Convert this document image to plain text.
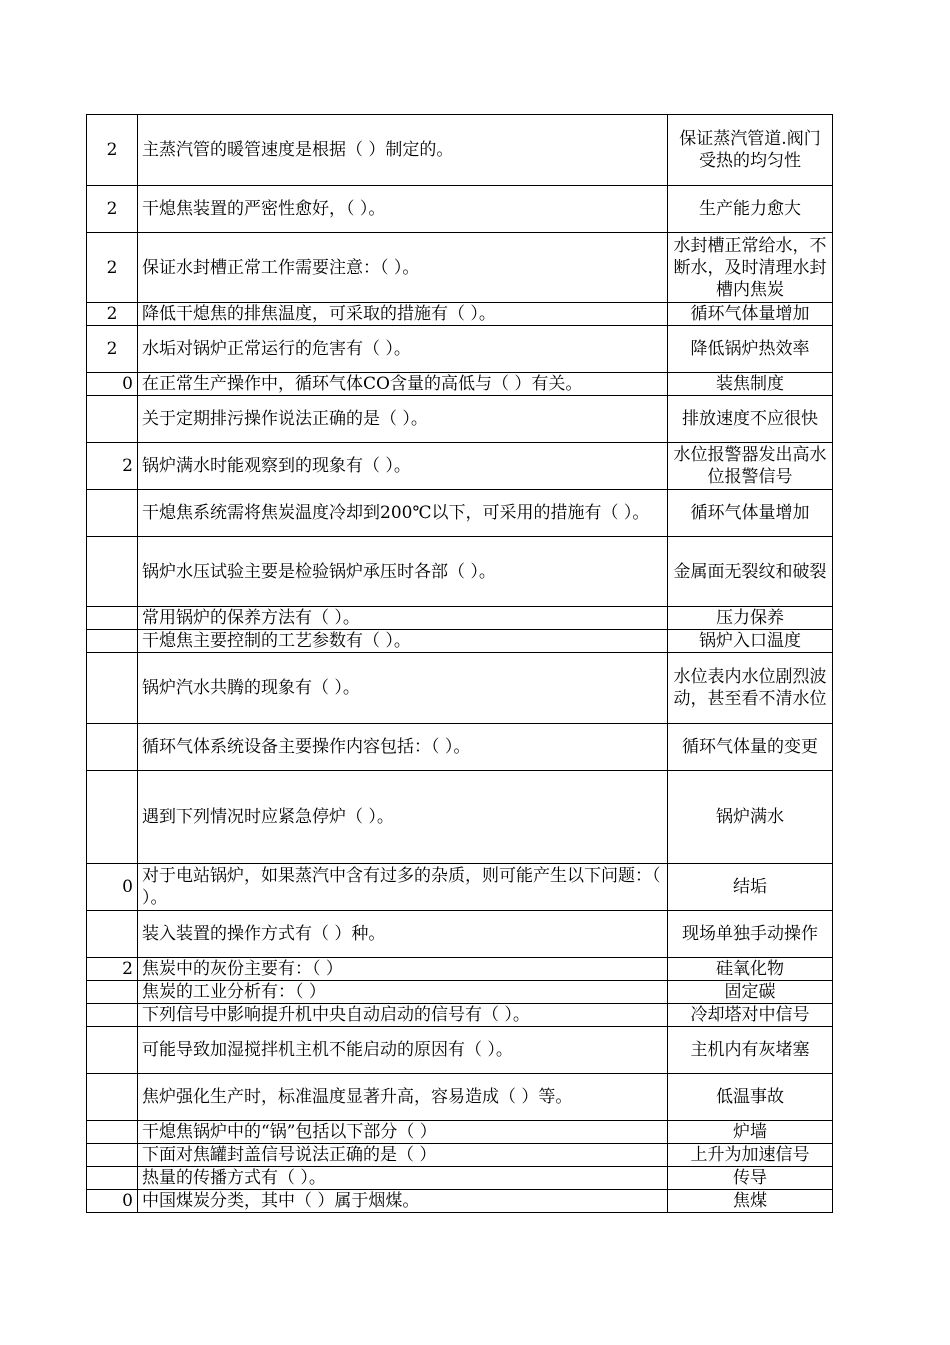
2	主蒸汽管的暖管速度是根据（ ）制定的。	保证蒸汽管道.阀门受热的均匀性
2	干熄焦装置的严密性愈好，（ ）。	生产能力愈大
2	保证水封槽正常工作需要注意：（ ）。	水封槽正常给水，不断水，及时清理水封槽内焦炭
2	降低干熄焦的排焦温度，可采取的措施有（ ）。	循环气体量增加
2	水垢对锅炉正常运行的危害有（ ）。	降低锅炉热效率
0	在正常生产操作中，循环气体CO含量的高低与（ ）有关。	装焦制度
	关于定期排污操作说法正确的是（ ）。	排放速度不应很快
2	锅炉满水时能观察到的现象有（ ）。	水位报警器发出高水位报警信号
	干熄焦系统需将焦炭温度冷却到200℃以下，可采用的措施有（ ）。	循环气体量增加
	锅炉水压试验主要是检验锅炉承压时各部（ ）。	金属面无裂纹和破裂
	常用锅炉的保养方法有（ ）。	压力保养
	干熄焦主要控制的工艺参数有（ ）。	锅炉入口温度
	锅炉汽水共腾的现象有（ ）。	水位表内水位剧烈波动，甚至看不清水位
	循环气体系统设备主要操作内容包括：（ ）。	循环气体量的变更
	遇到下列情况时应紧急停炉（ ）。	锅炉满水
0	对于电站锅炉，如果蒸汽中含有过多的杂质，则可能产生以下问题：（ ）。	结垢
	装入装置的操作方式有（ ）种。	现场单独手动操作
2	焦炭中的灰份主要有：（ ）	硅氧化物
	焦炭的工业分析有：（ ）	固定碳
	下列信号中影响提升机中央自动启动的信号有（ ）。	冷却塔对中信号
	可能导致加湿搅拌机主机不能启动的原因有（ ）。	主机内有灰堵塞
	焦炉强化生产时，标准温度显著升高，容易造成（ ）等。	低温事故
	干熄焦锅炉中的“锅”包括以下部分（ ）	炉墙
	下面对焦罐封盖信号说法正确的是（ ）	上升为加速信号
	热量的传播方式有（ ）。	传导
0	中国煤炭分类，其中（ ）属于烟煤。	焦煤
